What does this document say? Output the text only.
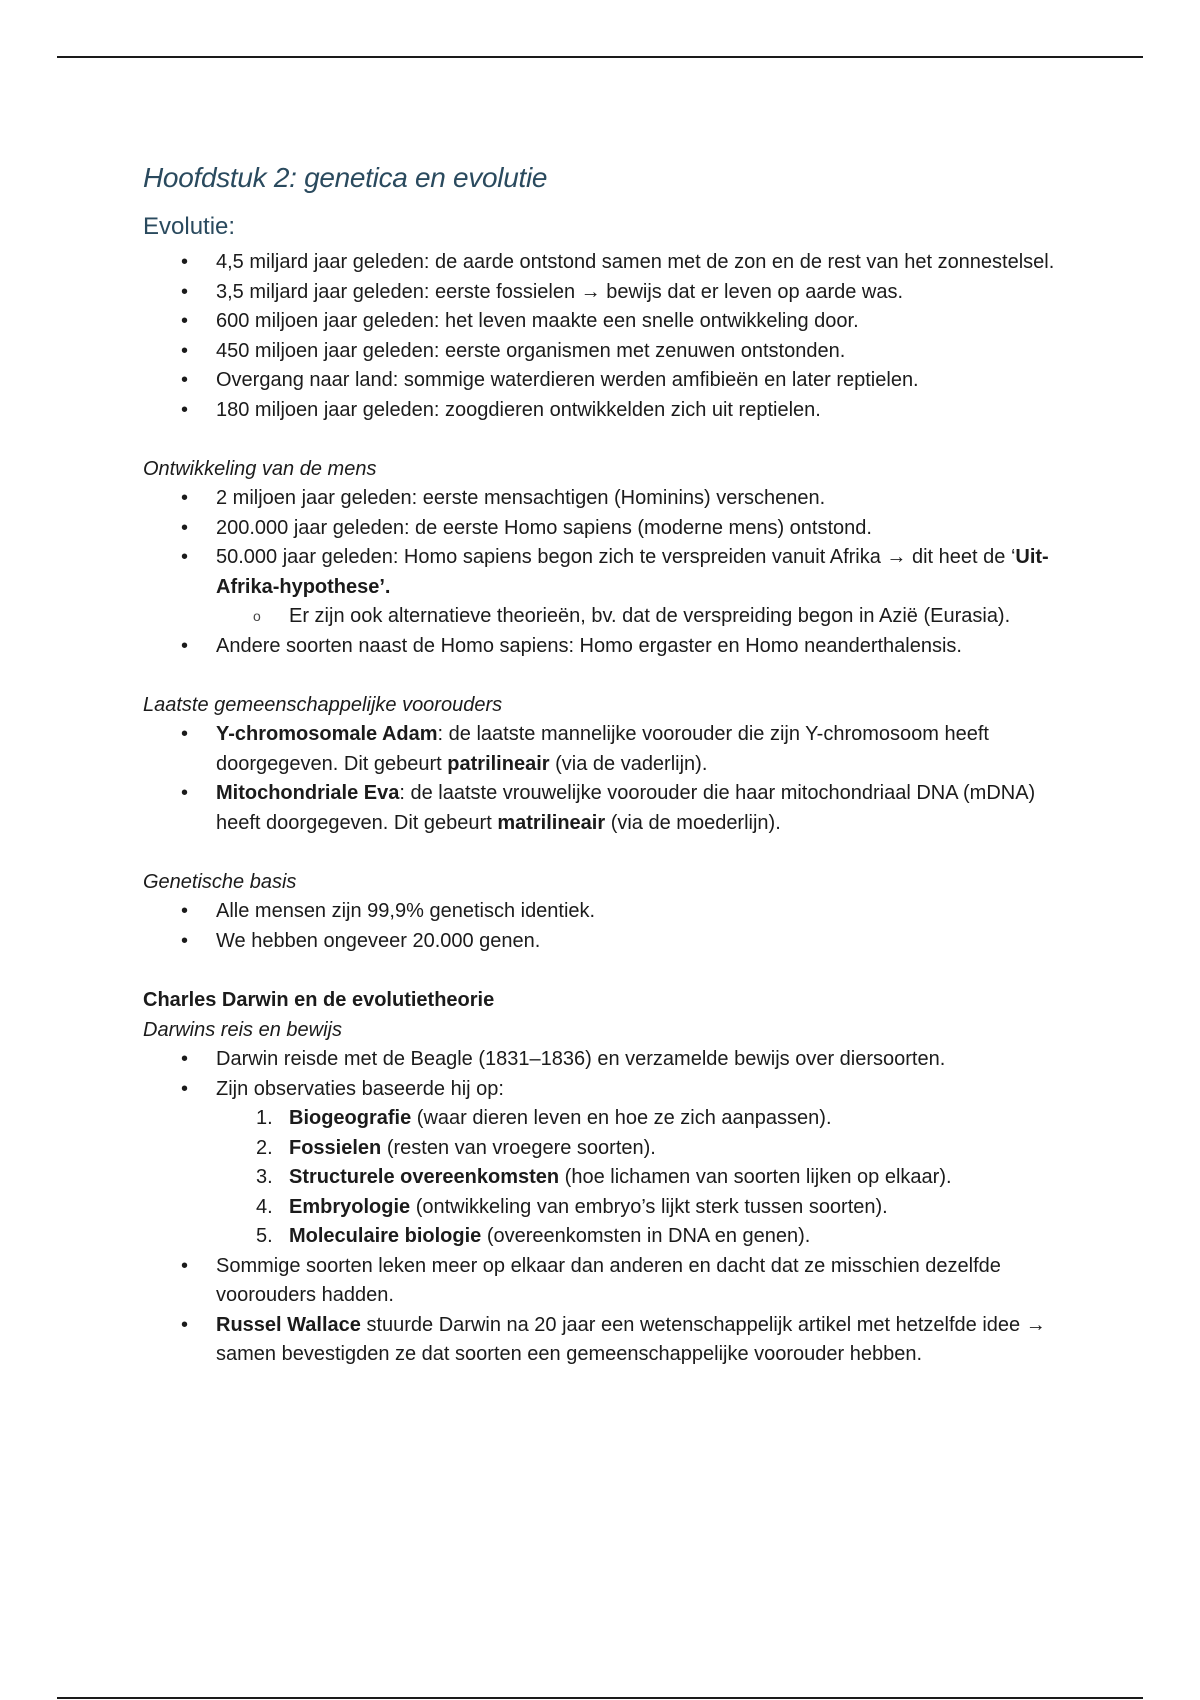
Hoofdstuk 2: genetica en evolutie
Evolutie:
• 4,5 miljard jaar geleden: de aarde ontstond samen met de zon en de rest van het zonnestelsel.
• 3,5 miljard jaar geleden: eerste fossielen → bewijs dat er leven op aarde was.
• 600 miljoen jaar geleden: het leven maakte een snelle ontwikkeling door.
• 450 miljoen jaar geleden: eerste organismen met zenuwen ontstonden.
• Overgang naar land: sommige waterdieren werden amfibieën en later reptielen.
• 180 miljoen jaar geleden: zoogdieren ontwikkelden zich uit reptielen.

Ontwikkeling van de mens

• 2 miljoen jaar geleden: eerste mensachtigen (Hominins) verschenen.
• 200.000 jaar geleden: de eerste Homo sapiens (moderne mens) ontstond.
• 50.000 jaar geleden: Homo sapiens begon zich te verspreiden vanuit Afrika → dit heet de ‘Uit-Afrika-hypothese’.
o	Er zijn ook alternatieve theorieën, bv. dat de verspreiding begon in Azië (Eurasia).
• Andere soorten naast de Homo sapiens: Homo ergaster en Homo neanderthalensis.

Laatste gemeenschappelijke voorouders

• Y-chromosomale Adam: de laatste mannelijke voorouder die zijn Y-chromosoom heeft doorgegeven. Dit gebeurt patrilineair (via de vaderlijn).
• Mitochondriale Eva: de laatste vrouwelijke voorouder die haar mitochondriaal DNA (mDNA) heeft doorgegeven. Dit gebeurt matrilineair (via de moederlijn).

Genetische basis

• Alle mensen zijn 99,9% genetisch identiek.
• We hebben ongeveer 20.000 genen.

Charles Darwin en de evolutietheorie

Darwins reis en bewijs

• Darwin reisde met de Beagle (1831–1836) en verzamelde bewijs over diersoorten.
• Zijn observaties baseerde hij op:
1. Biogeografie (waar dieren leven en hoe ze zich aanpassen).
2. Fossielen (resten van vroegere soorten).
3. Structurele overeenkomsten (hoe lichamen van soorten lijken op elkaar).
4. Embryologie (ontwikkeling van embryo’s lijkt sterk tussen soorten).
5. Moleculaire biologie (overeenkomsten in DNA en genen).
• Sommige soorten leken meer op elkaar dan anderen en dacht dat ze misschien dezelfde voorouders hadden.
• Russel Wallace stuurde Darwin na 20 jaar een wetenschappelijk artikel met hetzelfde idee → samen bevestigden ze dat soorten een gemeenschappelijke voorouder hebben.
